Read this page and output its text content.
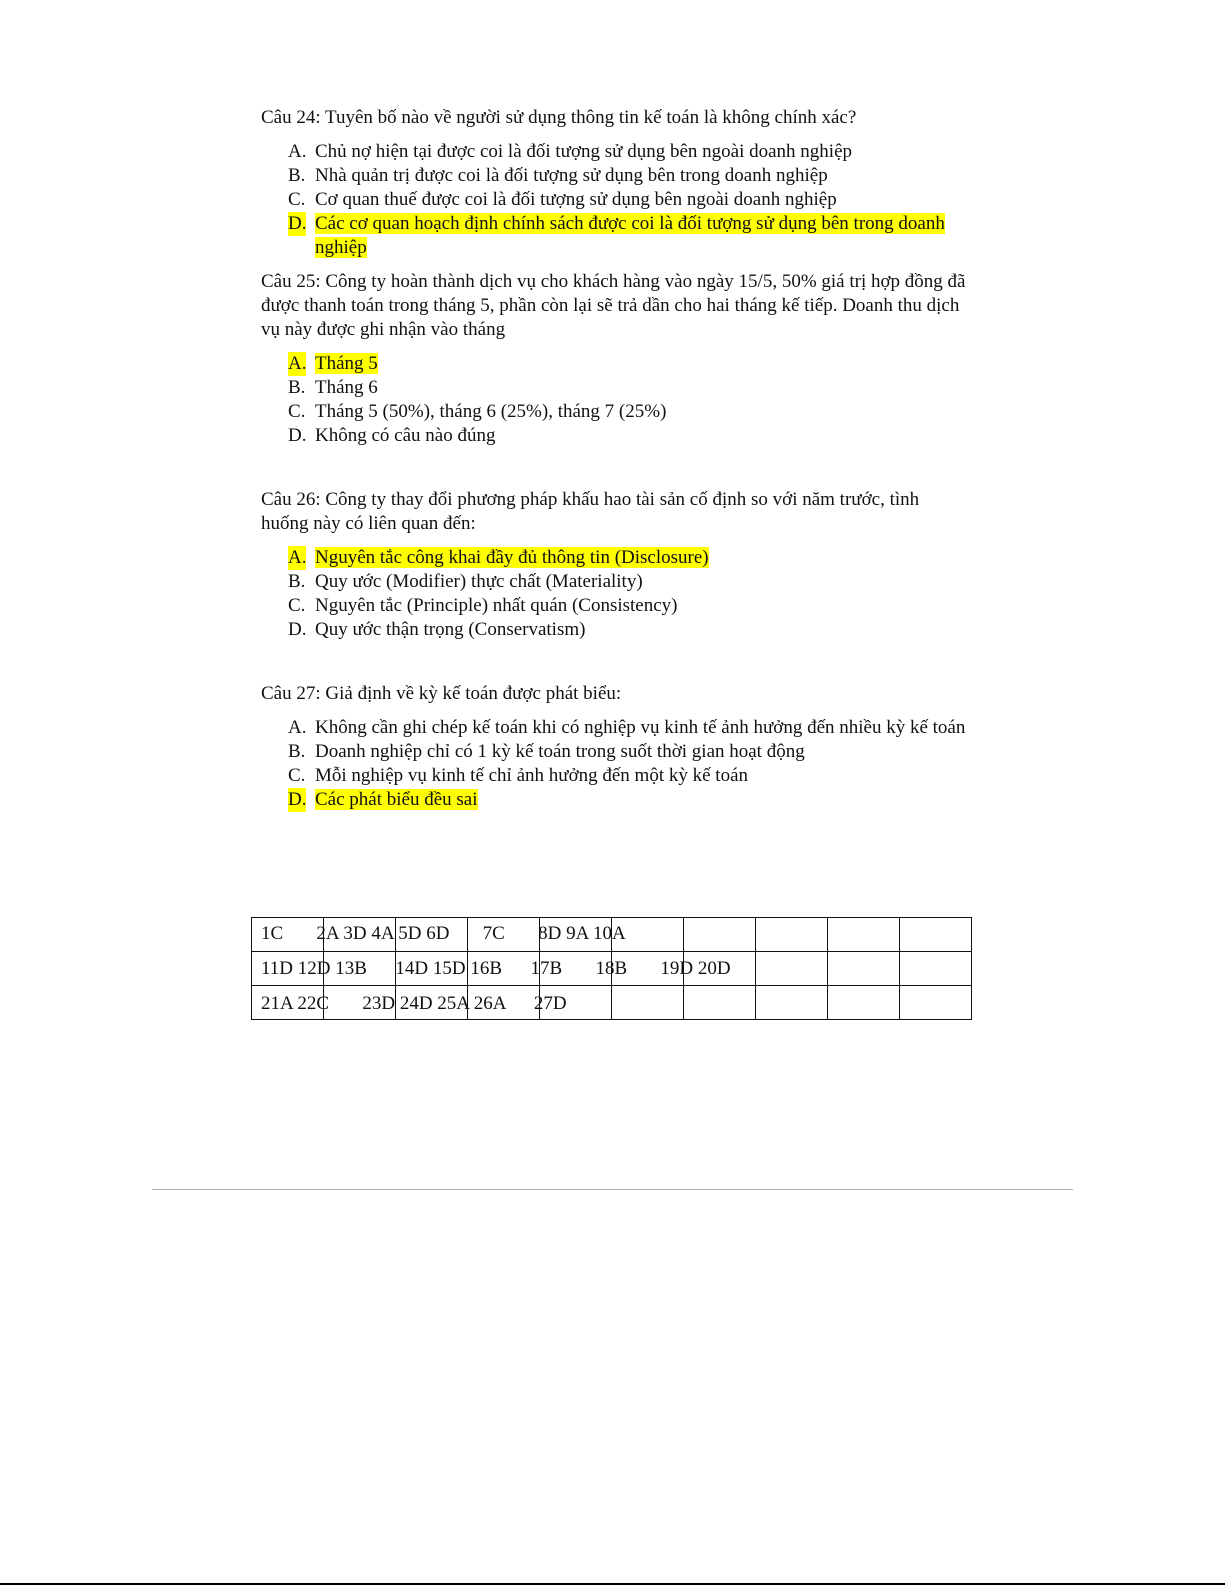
Câu 24: Tuyên bố nào về người sử dụng thông tin kế toán là không chính xác?
A. Chủ nợ hiện tại được coi là đối tượng sử dụng bên ngoài doanh nghiệp
B. Nhà quản trị được coi là đối tượng sử dụng bên trong doanh nghiệp
C. Cơ quan thuế được coi là đối tượng sử dụng bên ngoài doanh nghiệp
D. Các cơ quan hoạch định chính sách được coi là đối tượng sử dụng bên trong doanh nghiệp
Câu 25: Công ty hoàn thành dịch vụ cho khách hàng vào ngày 15/5, 50% giá trị hợp đồng đã được thanh toán trong tháng 5, phần còn lại sẽ trả dần cho hai tháng kế tiếp. Doanh thu dịch vụ này được ghi nhận vào tháng
A. Tháng 5
B. Tháng 6
C. Tháng 5 (50%), tháng 6 (25%), tháng 7 (25%)
D. Không có câu nào đúng
Câu 26: Công ty thay đổi phương pháp khấu hao tài sản cố định so với năm trước, tình huống này có liên quan đến:
A. Nguyên tắc công khai đầy đủ thông tin (Disclosure)
B. Quy ước (Modifier) thực chất (Materiality)
C. Nguyên tắc (Principle) nhất quán (Consistency)
D. Quy ước thận trọng (Conservatism)
Câu 27: Giả định về kỳ kế toán được phát biểu:
A. Không cần ghi chép kế toán khi có nghiệp vụ kinh tế ảnh hưởng đến nhiều kỳ kế toán
B. Doanh nghiệp chỉ có 1 kỳ kế toán trong suốt thời gian hoạt động
C. Mỗi nghiệp vụ kinh tế chỉ ảnh hưởng đến một kỳ kế toán
D. Các phát biểu đều sai

1C       2A 3D 4A 5D 6D       7C       8D 9A 10A
11D 12D 13B      14D 15D 16B      17B       18B       19D 20D
21A 22C       23D 24D 25A 26A      27D
